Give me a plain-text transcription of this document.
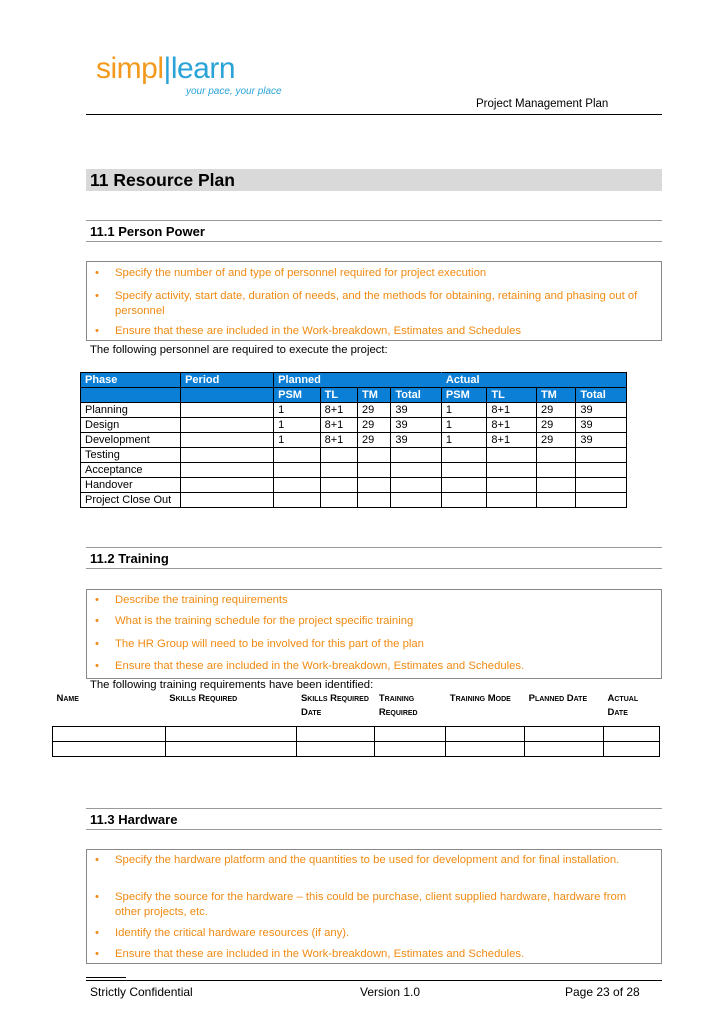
simpl|learn
your pace, your place
Project Management Plan
11 Resource Plan
11.1 Person Power
• Specify the number of and type of personnel required for project execution
• Specify activity, start date, duration of needs, and the methods for obtaining, retaining and phasing out of personnel
• Ensure that these are included in the Work-breakdown, Estimates and Schedules
The following personnel are required to execute the project:
Phase	Period	Planned				Actual			
		PSM	TL	TM	Total	PSM	TL	TM	Total
Planning		1	8+1	29	39	1	8+1	29	39
Design		1	8+1	29	39	1	8+1	29	39
Development		1	8+1	29	39	1	8+1	29	39
Testing									
Acceptance									
Handover									
Project Close Out									
11.2 Training
• Describe the training requirements
• What is the training schedule for the project specific training
• The HR Group will need to be involved for this part of the plan
• Ensure that these are included in the Work-breakdown, Estimates and Schedules.
The following training requirements have been identified:
Name	Skills Required	Skills Required Date	Training Required	Training Mode	Planned Date	Actual Date

11.3 Hardware
• Specify the hardware platform and the quantities to be used for development and for final installation.
• Specify the source for the hardware – this could be purchase, client supplied hardware, hardware from other projects, etc.
• Identify the critical hardware resources (if any).
• Ensure that these are included in the Work-breakdown, Estimates and Schedules.
Strictly Confidential	Version 1.0	Page 23 of 28
